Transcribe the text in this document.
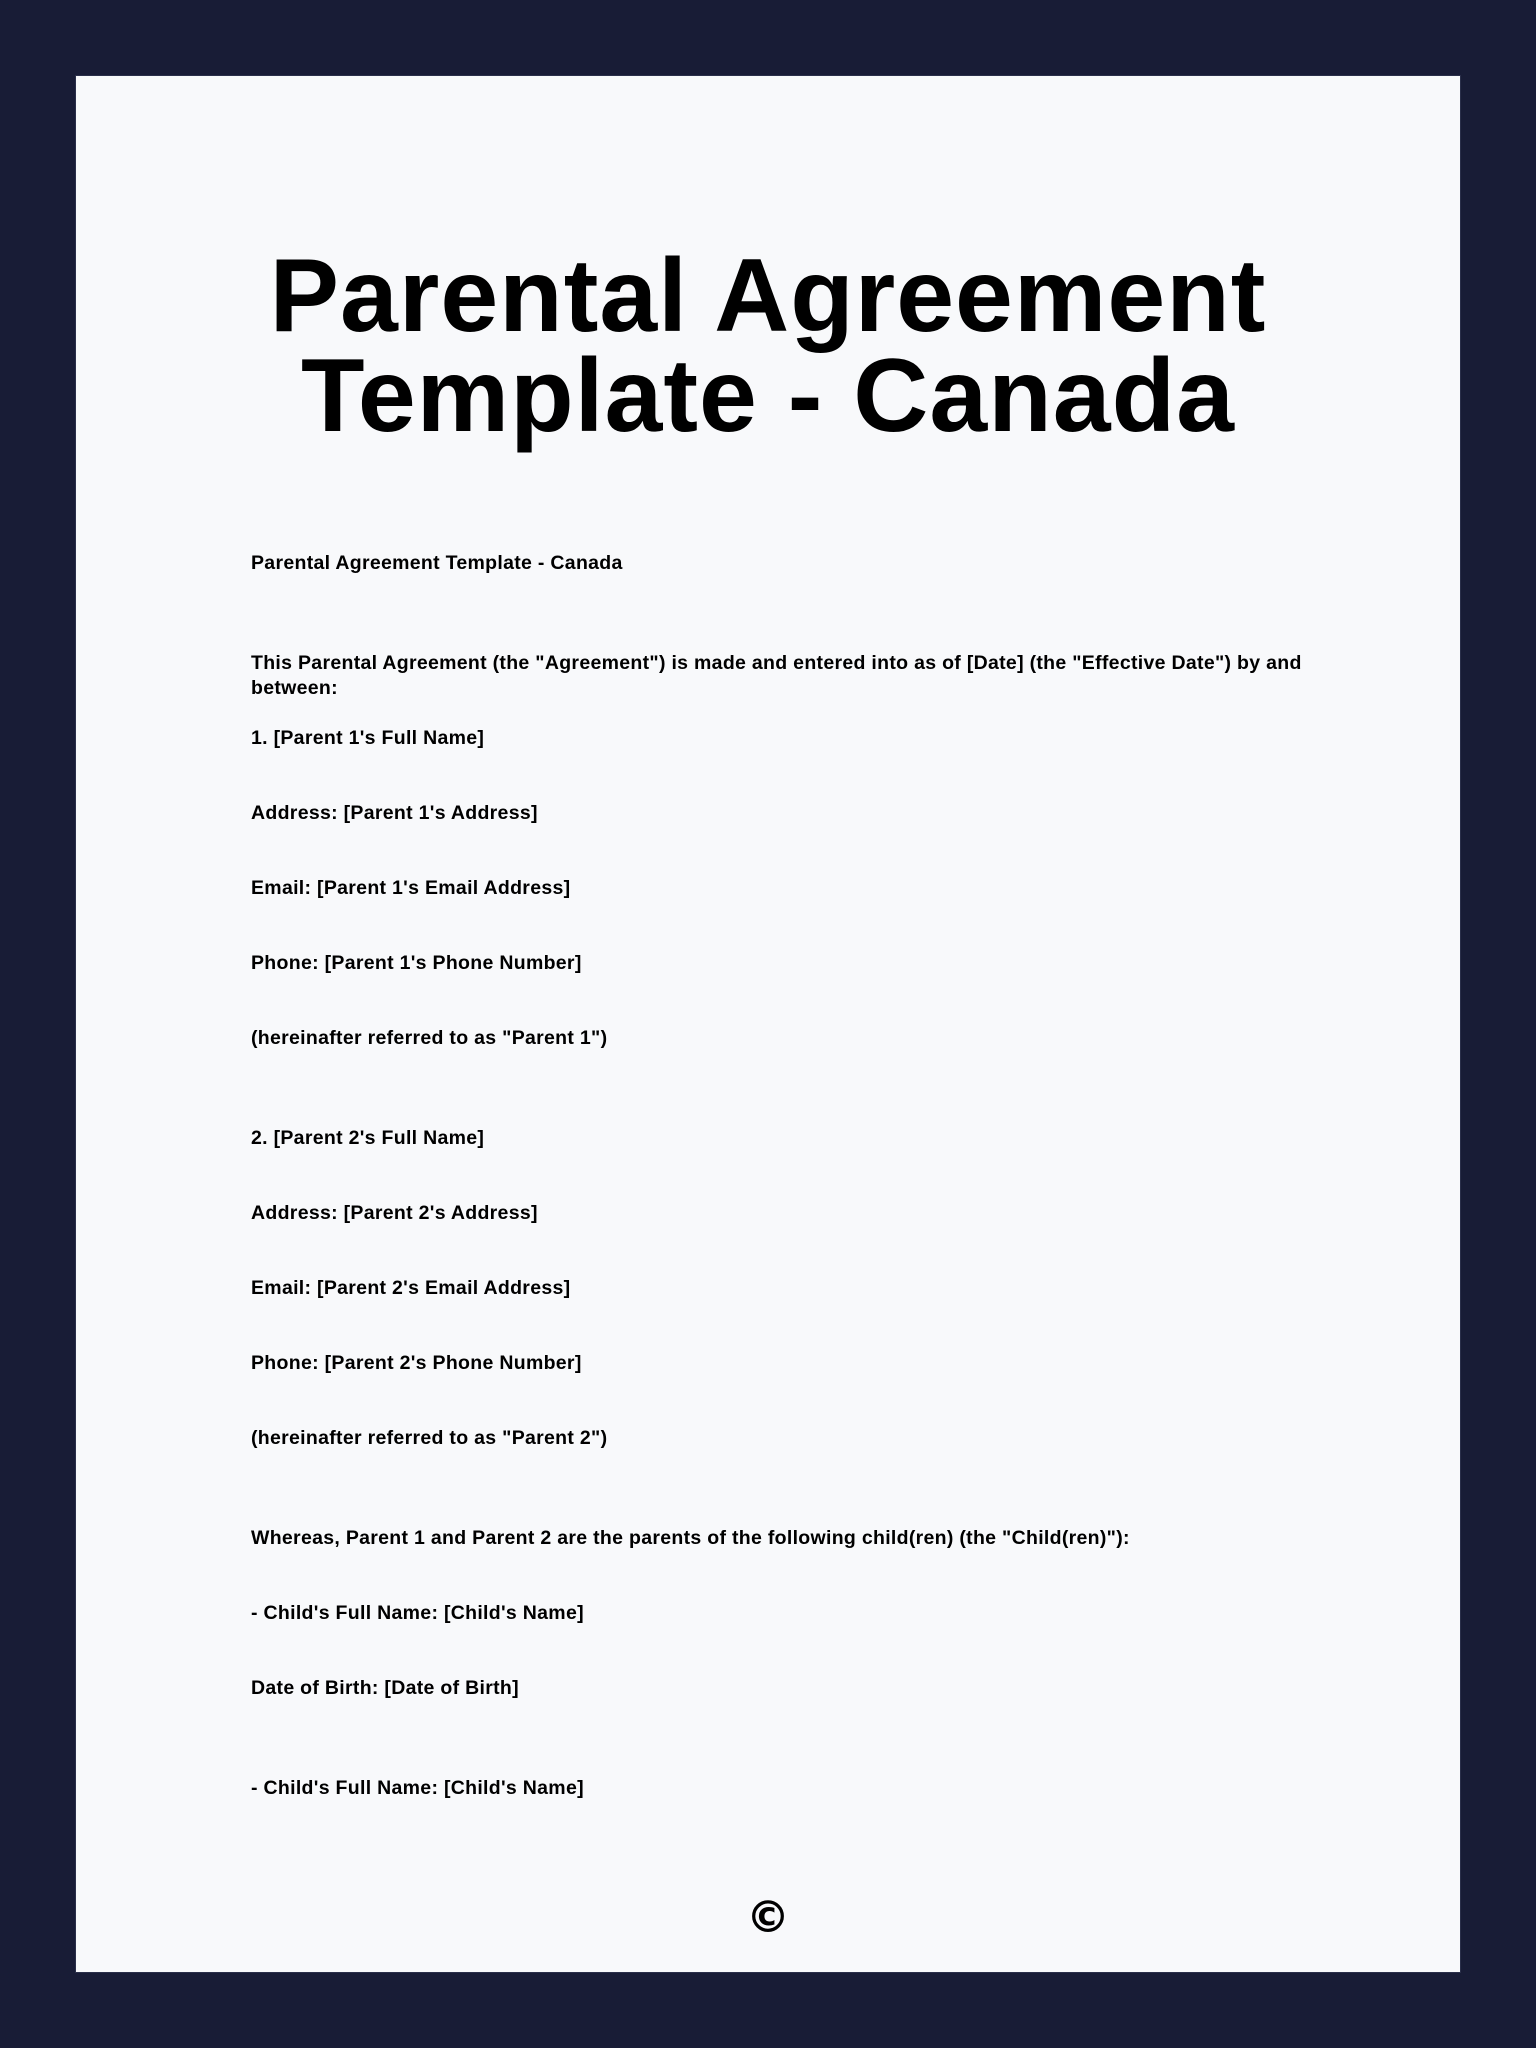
Parental Agreement
Template - Canada
Parental Agreement Template - Canada
This Parental Agreement (the "Agreement") is made and entered into as of [Date] (the "Effective Date") by and between:
1. [Parent 1's Full Name]
Address: [Parent 1's Address]
Email: [Parent 1's Email Address]
Phone: [Parent 1's Phone Number]
(hereinafter referred to as "Parent 1")
2. [Parent 2's Full Name]
Address: [Parent 2's Address]
Email: [Parent 2's Email Address]
Phone: [Parent 2's Phone Number]
(hereinafter referred to as "Parent 2")
Whereas, Parent 1 and Parent 2 are the parents of the following child(ren) (the "Child(ren)"):
- Child's Full Name: [Child's Name]
Date of Birth: [Date of Birth]
- Child's Full Name: [Child's Name]
©
